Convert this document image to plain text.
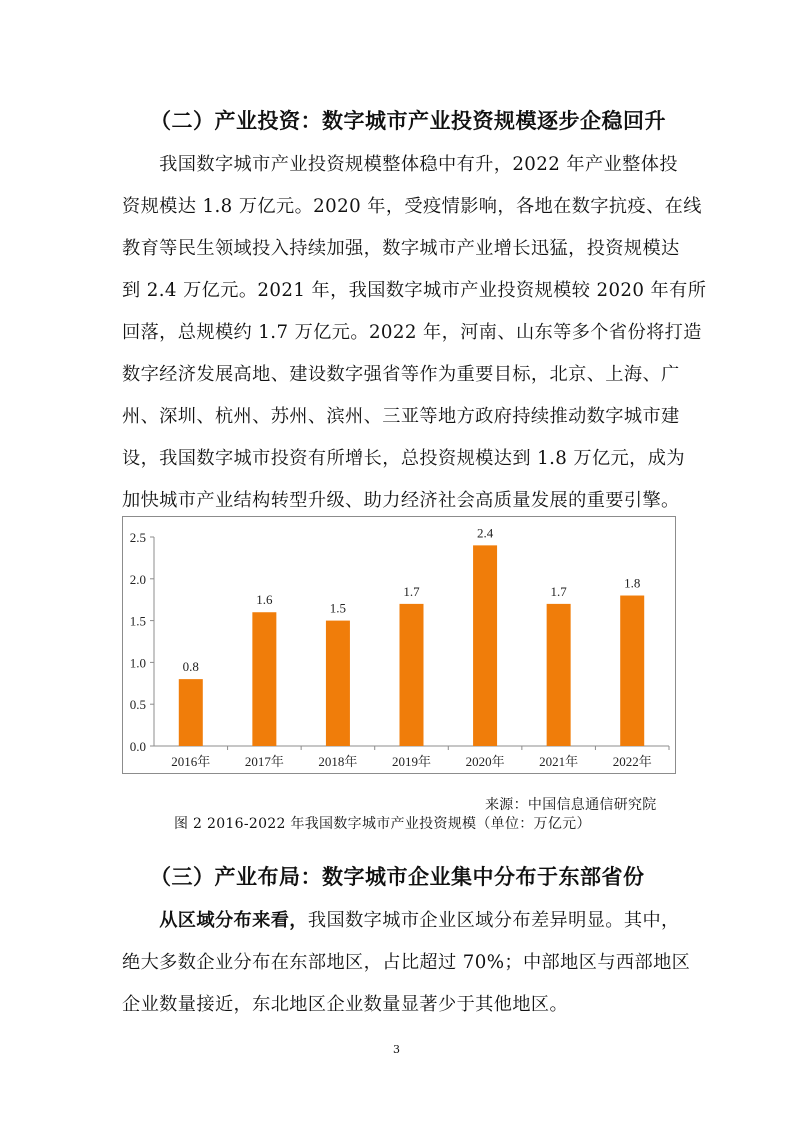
（二）产业投资：数字城市产业投资规模逐步企稳回升
　　我国数字城市产业投资规模整体稳中有升，2022 年产业整体投
资规模达 1.8 万亿元。2020 年，受疫情影响，各地在数字抗疫、在线
教育等民生领域投入持续加强，数字城市产业增长迅猛，投资规模达
到 2.4 万亿元。2021 年，我国数字城市产业投资规模较 2020 年有所
回落，总规模约 1.7 万亿元。2022 年，河南、山东等多个省份将打造
数字经济发展高地、建设数字强省等作为重要目标，北京、上海、广
州、深圳、杭州、苏州、滨州、三亚等地方政府持续推动数字城市建
设，我国数字城市投资有所增长，总投资规模达到 1.8 万亿元，成为
加快城市产业结构转型升级、助力经济社会高质量发展的重要引擎。
0.0
0.5
1.0
1.5
2.0
2.5
0.8
2016年
1.6
2017年
1.5
2018年
1.7
2019年
2.4
2020年
1.7
2021年
1.8
2022年
来源：中国信息通信研究院
图 2 2016-2022 年我国数字城市产业投资规模（单位：万亿元）
（三）产业布局：数字城市企业集中分布于东部省份
　　从区域分布来看，我国数字城市企业区域分布差异明显。其中，
绝大多数企业分布在东部地区，占比超过 70%；中部地区与西部地区
企业数量接近，东北地区企业数量显著少于其他地区。
3
